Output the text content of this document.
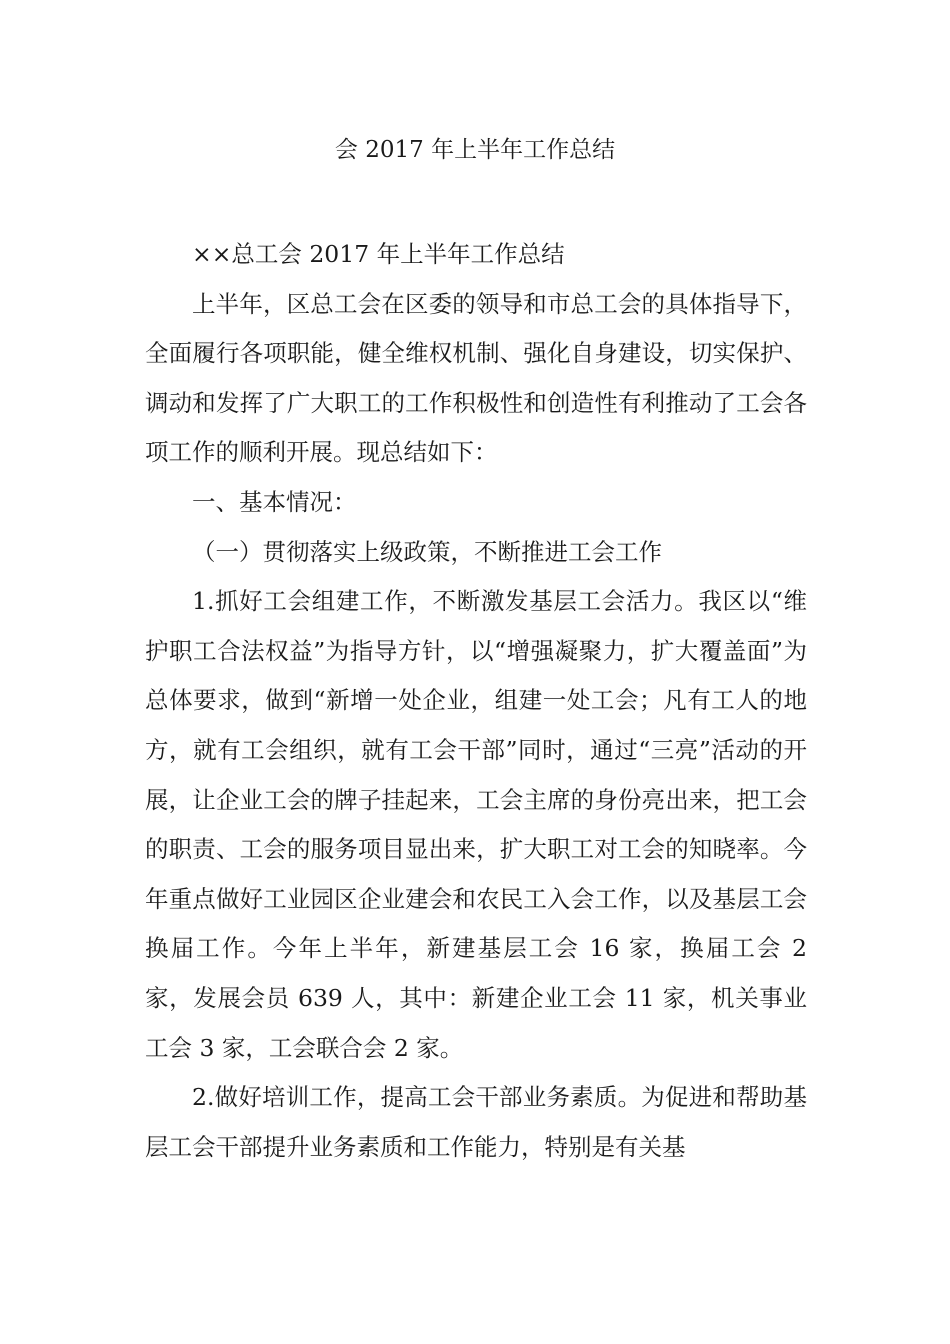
会 2017 年上半年工作总结

××总工会 2017 年上半年工作总结

上半年，区总工会在区委的领导和市总工会的具体指导下，全面履行各项职能，健全维权机制、强化自身建设，切实保护、调动和发挥了广大职工的工作积极性和创造性有利推动了工会各项工作的顺利开展。现总结如下：

一、基本情况：

（一）贯彻落实上级政策，不断推进工会工作

1.抓好工会组建工作，不断激发基层工会活力。我区以“维护职工合法权益”为指导方针，以“增强凝聚力，扩大覆盖面”为总体要求，做到“新增一处企业，组建一处工会；凡有工人的地方，就有工会组织，就有工会干部”同时，通过“三亮”活动的开展，让企业工会的牌子挂起来，工会主席的身份亮出来，把工会的职责、工会的服务项目显出来，扩大职工对工会的知晓率。今年重点做好工业园区企业建会和农民工入会工作，以及基层工会换届工作。今年上半年，新建基层工会 16 家，换届工会 2 家，发展会员 639 人，其中：新建企业工会 11 家，机关事业工会 3 家，工会联合会 2 家。

2.做好培训工作，提高工会干部业务素质。为促进和帮助基层工会干部提升业务素质和工作能力，特别是有关基
